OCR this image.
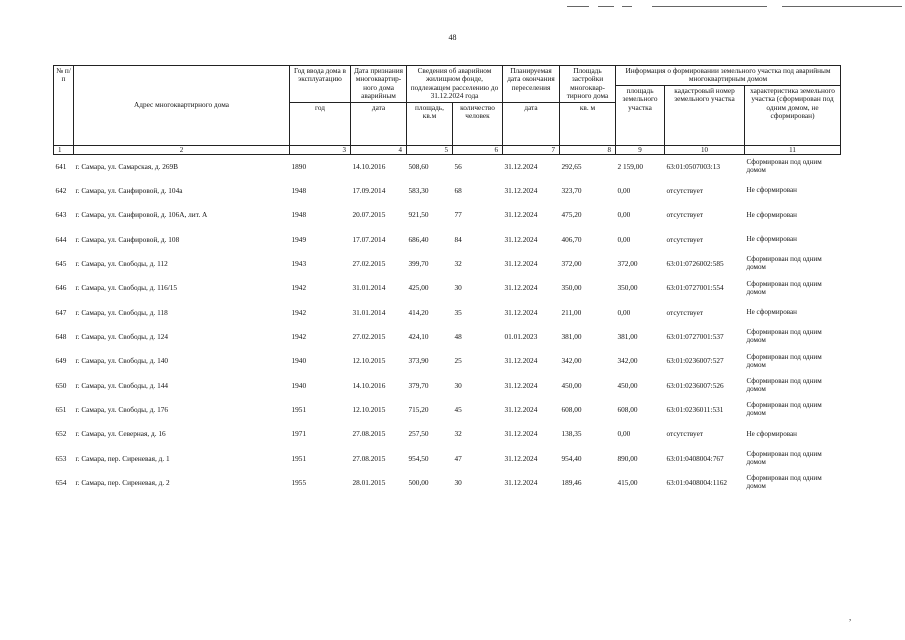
48
№ п/п	Адрес многоквартирного дома	Год ввода дома в эксплуатацию	Дата признания многоквартир-ного дома аварийным	Сведения об аварийном жилищном фонде, подлежащем расселению до 31.12.2024 года		Планируемая дата окончания переселения	Площадь застройки многоквар-тирного дома	Информация о формировании земельного участка под аварийным многоквартирным домом		
								площадь земельного участка	кадастровый номер земельного участка	характеристика земельного участка (сформирован под одним домом, не сформирован)
		год	дата	площадь, кв.м	количество человек	дата	кв. м			
1	2	3	4	5	6	7	8	9	10	11
641	г. Самара, ул. Самарская, д. 269В	1890	14.10.2016	508,60	56	31.12.2024	292,65	2 159,00	63:01:0507003:13	Сформирован под одним домом
642	г. Самара, ул. Санфировой, д. 104а	1948	17.09.2014	583,30	68	31.12.2024	323,70	0,00	отсутствует	Не сформирован
643	г. Самара, ул. Санфировой, д. 106А, лит. А	1948	20.07.2015	921,50	77	31.12.2024	475,20	0,00	отсутствует	Не сформирован
644	г. Самара, ул. Санфировой, д. 108	1949	17.07.2014	686,40	84	31.12.2024	406,70	0,00	отсутствует	Не сформирован
645	г. Самара, ул. Свободы, д. 112	1943	27.02.2015	399,70	32	31.12.2024	372,00	372,00	63:01:0726002:585	Сформирован под одним домом
646	г. Самара, ул. Свободы, д. 116/15	1942	31.01.2014	425,00	30	31.12.2024	350,00	350,00	63:01:0727001:554	Сформирован под одним домом
647	г. Самара, ул. Свободы, д. 118	1942	31.01.2014	414,20	35	31.12.2024	211,00	0,00	отсутствует	Не сформирован
648	г. Самара, ул. Свободы, д. 124	1942	27.02.2015	424,10	48	01.01.2023	381,00	381,00	63:01:0727001:537	Сформирован под одним домом
649	г. Самара, ул. Свободы, д. 140	1940	12.10.2015	373,90	25	31.12.2024	342,00	342,00	63:01:0236007:527	Сформирован под одним домом
650	г. Самара, ул. Свободы, д. 144	1940	14.10.2016	379,70	30	31.12.2024	450,00	450,00	63:01:0236007:526	Сформирован под одним домом
651	г. Самара, ул. Свободы, д. 176	1951	12.10.2015	715,20	45	31.12.2024	608,00	608,00	63:01:0236011:531	Сформирован под одним домом
652	г. Самара, ул. Северная, д. 16	1971	27.08.2015	257,50	32	31.12.2024	138,35	0,00	отсутствует	Не сформирован
653	г. Самара, пер. Сиреневая, д. 1	1951	27.08.2015	954,50	47	31.12.2024	954,40	890,00	63:01:0408004:767	Сформирован под одним домом
654	г. Самара, пер. Сиреневая, д. 2	1955	28.01.2015	500,00	30	31.12.2024	189,46	415,00	63:01:0408004:1162	Сформирован под одним домом
,
